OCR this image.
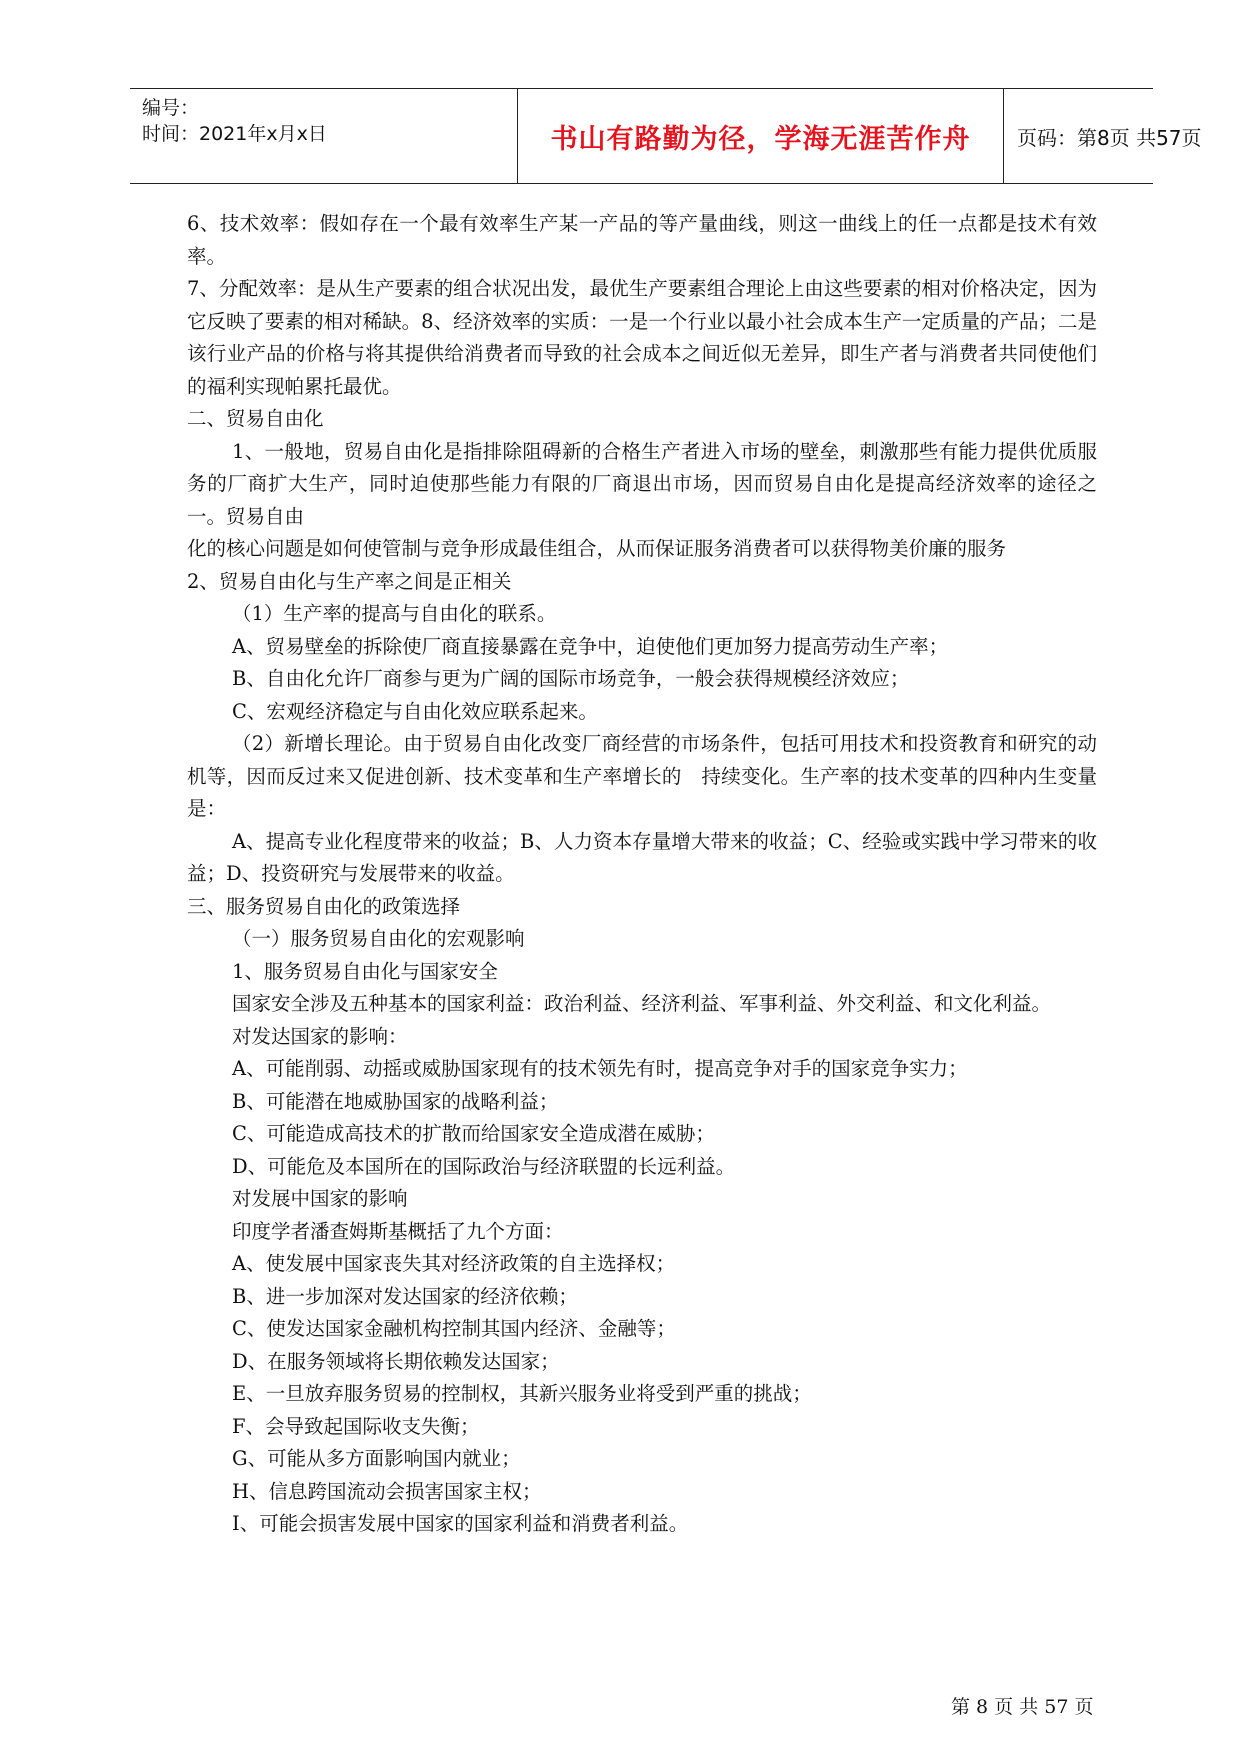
编号：
时间：2021年x月x日	书山有路勤为径，学海无涯苦作舟 页码：第8页 共57页

6、技术效率：假如存在一个最有效率生产某一产品的等产量曲线，则这一曲线上的任一点都是技术有效率。

7、分配效率：是从生产要素的组合状况出发，最优生产要素组合理论上由这些要素的相对价格决定，因为它反映了要素的相对稀缺。8、经济效率的实质：一是一个行业以最小社会成本生产一定质量的产品；二是该行业产品的价格与将其提供给消费者而导致的社会成本之间近似无差异，即生产者与消费者共同使他们的福利实现帕累托最优。

二、贸易自由化

1、一般地，贸易自由化是指排除阻碍新的合格生产者进入市场的壁垒，刺激那些有能力提供优质服务的厂商扩大生产，同时迫使那些能力有限的厂商退出市场，因而贸易自由化是提高经济效率的途径之一。贸易自由

化的核心问题是如何使管制与竞争形成最佳组合，从而保证服务消费者可以获得物美价廉的服务

2、贸易自由化与生产率之间是正相关

（1）生产率的提高与自由化的联系。

A、贸易壁垒的拆除使厂商直接暴露在竞争中，迫使他们更加努力提高劳动生产率；

B、自由化允许厂商参与更为广阔的国际市场竞争，一般会获得规模经济效应；

C、宏观经济稳定与自由化效应联系起来。

（2）新增长理论。由于贸易自由化改变厂商经营的市场条件，包括可用技术和投资教育和研究的动机等，因而反过来又促进创新、技术变革和生产率增长的　持续变化。生产率的技术变革的四种内生变量是：

A、提高专业化程度带来的收益；B、人力资本存量增大带来的收益；C、经验或实践中学习带来的收益；D、投资研究与发展带来的收益。

三、服务贸易自由化的政策选择

（一）服务贸易自由化的宏观影响

1、服务贸易自由化与国家安全

国家安全涉及五种基本的国家利益：政治利益、经济利益、军事利益、外交利益、和文化利益。

对发达国家的影响：

A、可能削弱、动摇或威胁国家现有的技术领先有时，提高竞争对手的国家竞争实力；

B、可能潜在地威胁国家的战略利益；

C、可能造成高技术的扩散而给国家安全造成潜在威胁；

D、可能危及本国所在的国际政治与经济联盟的长远利益。

对发展中国家的影响

印度学者潘查姆斯基概括了九个方面：

A、使发展中国家丧失其对经济政策的自主选择权；

B、进一步加深对发达国家的经济依赖；

C、使发达国家金融机构控制其国内经济、金融等；

D、在服务领域将长期依赖发达国家；

E、一旦放弃服务贸易的控制权，其新兴服务业将受到严重的挑战；

F、会导致起国际收支失衡；

G、可能从多方面影响国内就业；

H、信息跨国流动会损害国家主权；

I、可能会损害发展中国家的国家利益和消费者利益。

第 8 页 共 57 页
